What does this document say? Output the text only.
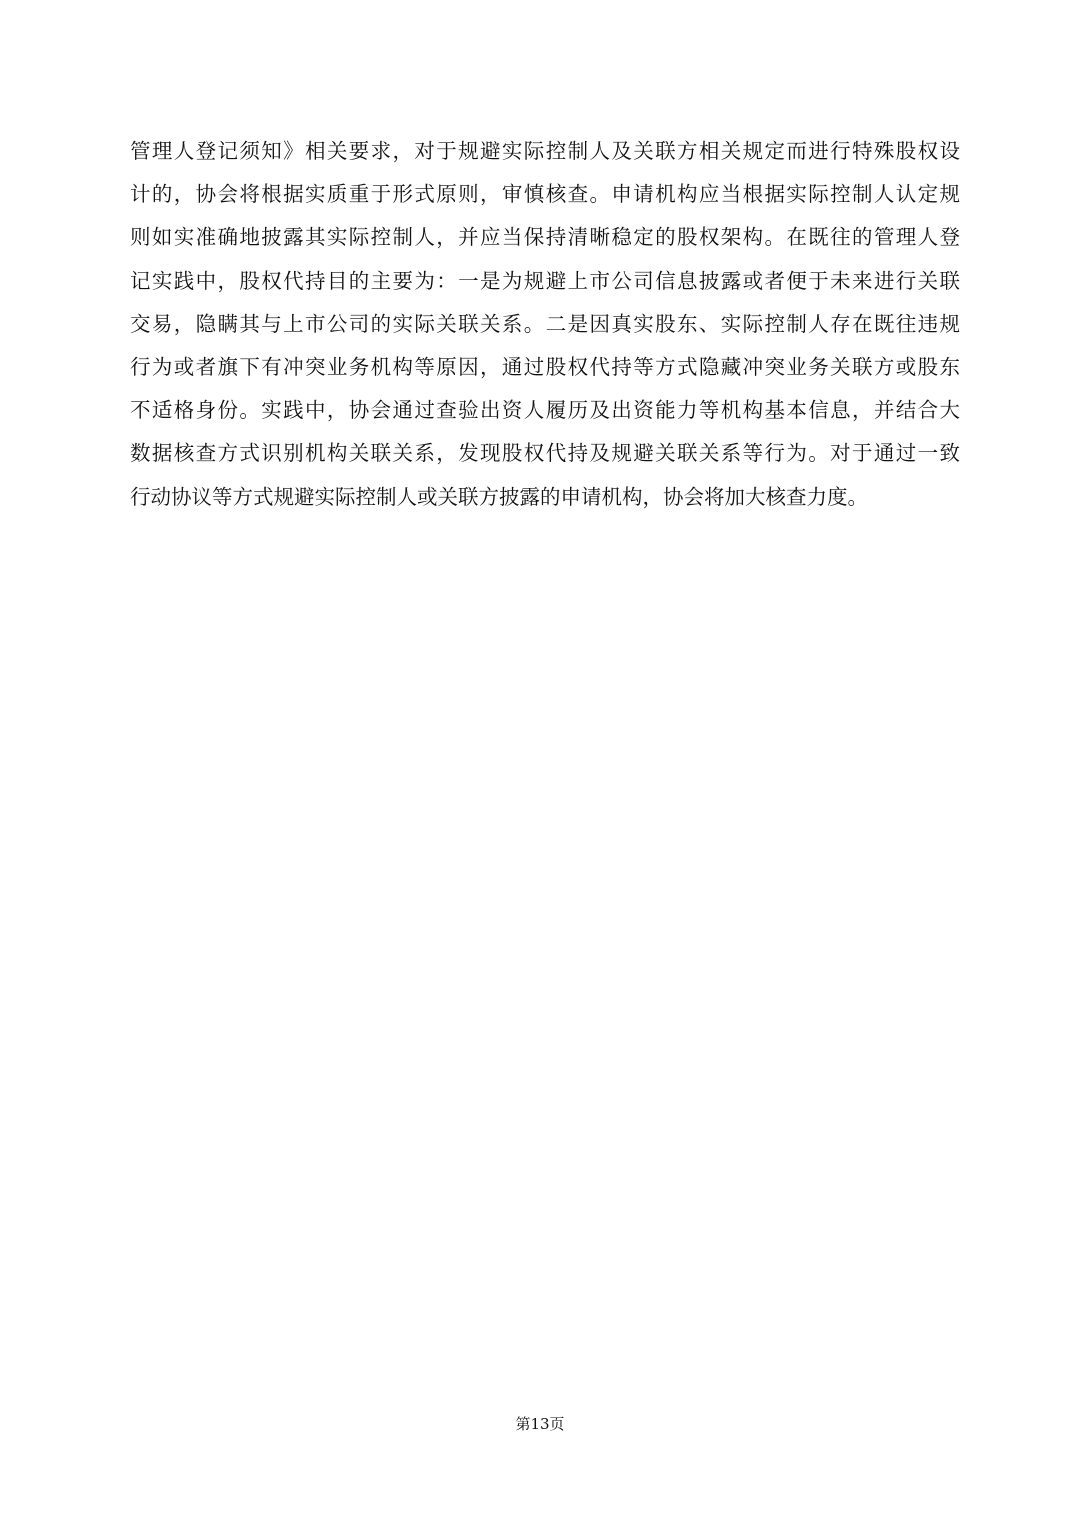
管理人登记须知》相关要求，对于规避实际控制人及关联方相关规定而进行特殊股权设
计的，协会将根据实质重于形式原则，审慎核查。申请机构应当根据实际控制人认定规
则如实准确地披露其实际控制人，并应当保持清晰稳定的股权架构。在既往的管理人登
记实践中，股权代持目的主要为：一是为规避上市公司信息披露或者便于未来进行关联
交易，隐瞒其与上市公司的实际关联关系。二是因真实股东、实际控制人存在既往违规
行为或者旗下有冲突业务机构等原因，通过股权代持等方式隐藏冲突业务关联方或股东
不适格身份。实践中，协会通过查验出资人履历及出资能力等机构基本信息，并结合大
数据核查方式识别机构关联关系，发现股权代持及规避关联关系等行为。对于通过一致
行动协议等方式规避实际控制人或关联方披露的申请机构，协会将加大核查力度。
第13页
